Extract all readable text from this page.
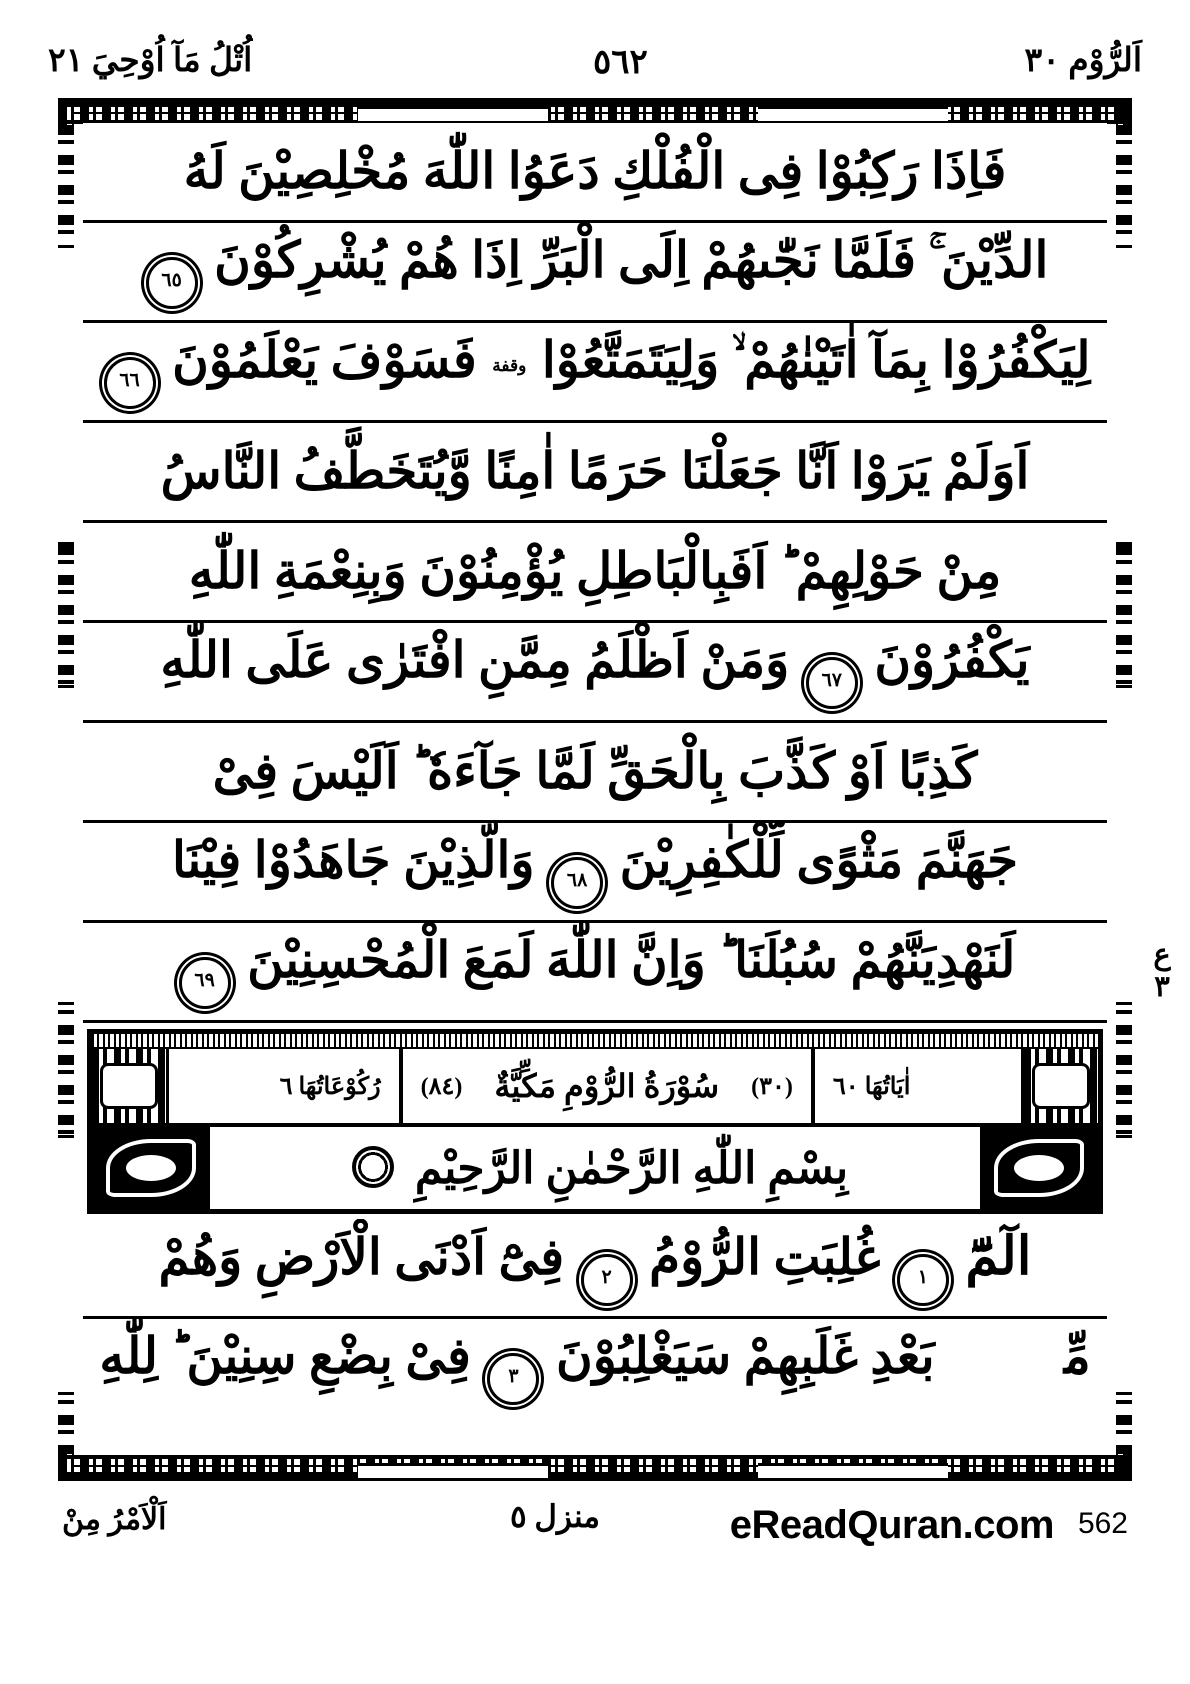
اَلرُّوْم ٣٠
٥٦٢
اُتْلُ مَآ اُوْحِيَ ٢١
فَاِذَا رَكِبُوْا فِى الْفُلْكِ دَعَوُا اللّٰهَ مُخْلِصِيْنَ لَهُ
الدِّيْنَ ۚ فَلَمَّا نَجّٰىهُمْ اِلَى الْبَرِّ اِذَا هُمْ يُشْرِكُوْنَ ٦٥
لِيَكْفُرُوْا بِمَآ اٰتَيْنٰهُمْ ۙ وَلِيَتَمَتَّعُوْا وقفة فَسَوْفَ يَعْلَمُوْنَ ٦٦
اَوَلَمْ يَرَوْا اَنَّا جَعَلْنَا حَرَمًا اٰمِنًا وَّيُتَخَطَّفُ النَّاسُ
مِنْ حَوْلِهِمْ ؕ اَفَبِالْبَاطِلِ يُؤْمِنُوْنَ وَبِنِعْمَةِ اللّٰهِ
يَكْفُرُوْنَ ٦٧ وَمَنْ اَظْلَمُ مِمَّنِ افْتَرٰى عَلَى اللّٰهِ
كَذِبًا اَوْ كَذَّبَ بِالْحَقِّ لَمَّا جَآءَهٗ ؕ اَلَيْسَ فِىْ
جَهَنَّمَ مَثْوًى لِّلْكٰفِرِيْنَ ٦٨ وَالَّذِيْنَ جَاهَدُوْا فِيْنَا
لَنَهْدِيَنَّهُمْ سُبُلَنَا ؕ وَاِنَّ اللّٰهَ لَمَعَ الْمُحْسِنِيْنَ ٦٩
اٰيَاتُهَا ٦٠
(٣٠)
سُوْرَةُ الرُّوْمِ مَكِّيَّةٌ
(٨٤)
رُكُوْعَاتُهَا ٦
بِسْمِ اللّٰهِ الرَّحْمٰنِ الرَّحِيْمِ
الٓمّٓ ١ غُلِبَتِ الرُّوْمُ ٢ فِىْٓ اَدْنَى الْاَرْضِ وَهُمْ
مِّنْۢ بَعْدِ غَلَبِهِمْ سَيَغْلِبُوْنَ ٣ فِىْ بِضْعِ سِنِيْنَ ؕ لِلّٰهِ
ع
٣
اَلْاَمْرُ مِنْ	منزل ٥	eReadQuran.com 562
